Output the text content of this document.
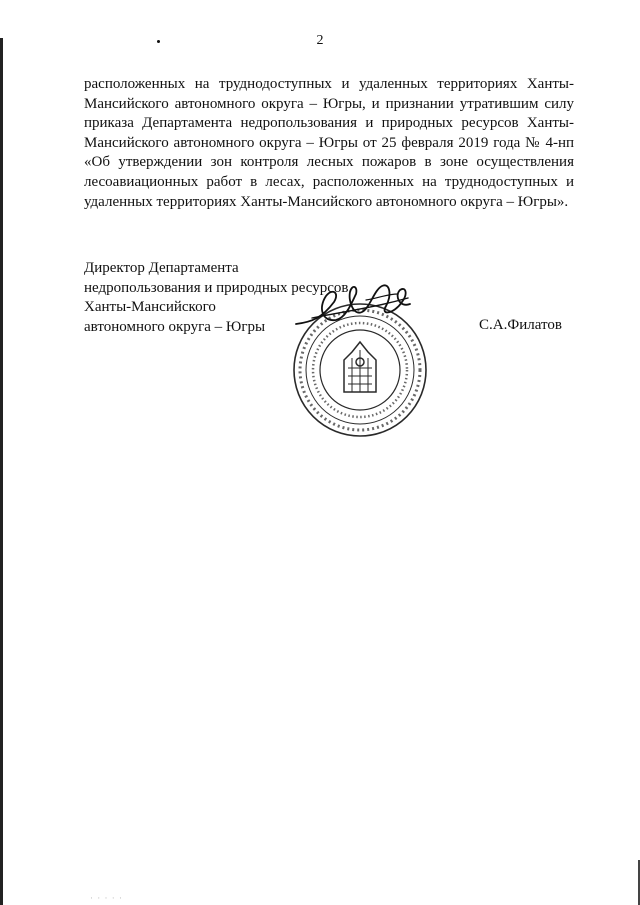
2
расположенных на труднодоступных и удаленных территориях Ханты-Мансийского автономного округа – Югры, и признании утратившим силу приказа Департамента недропользования и природных ресурсов Ханты-Мансийского автономного округа – Югры от 25 февраля 2019 года № 4-нп «Об утверждении зон контроля лесных пожаров в зоне осуществления лесоавиационных работ в лесах, расположенных на труднодоступных и удаленных территориях Ханты-Мансийского автономного округа – Югры».
Директор Департамента
недропользования и природных ресурсов
Ханты-Мансийского
автономного округа – Югры	С.А.Филатов
· · · · ·
